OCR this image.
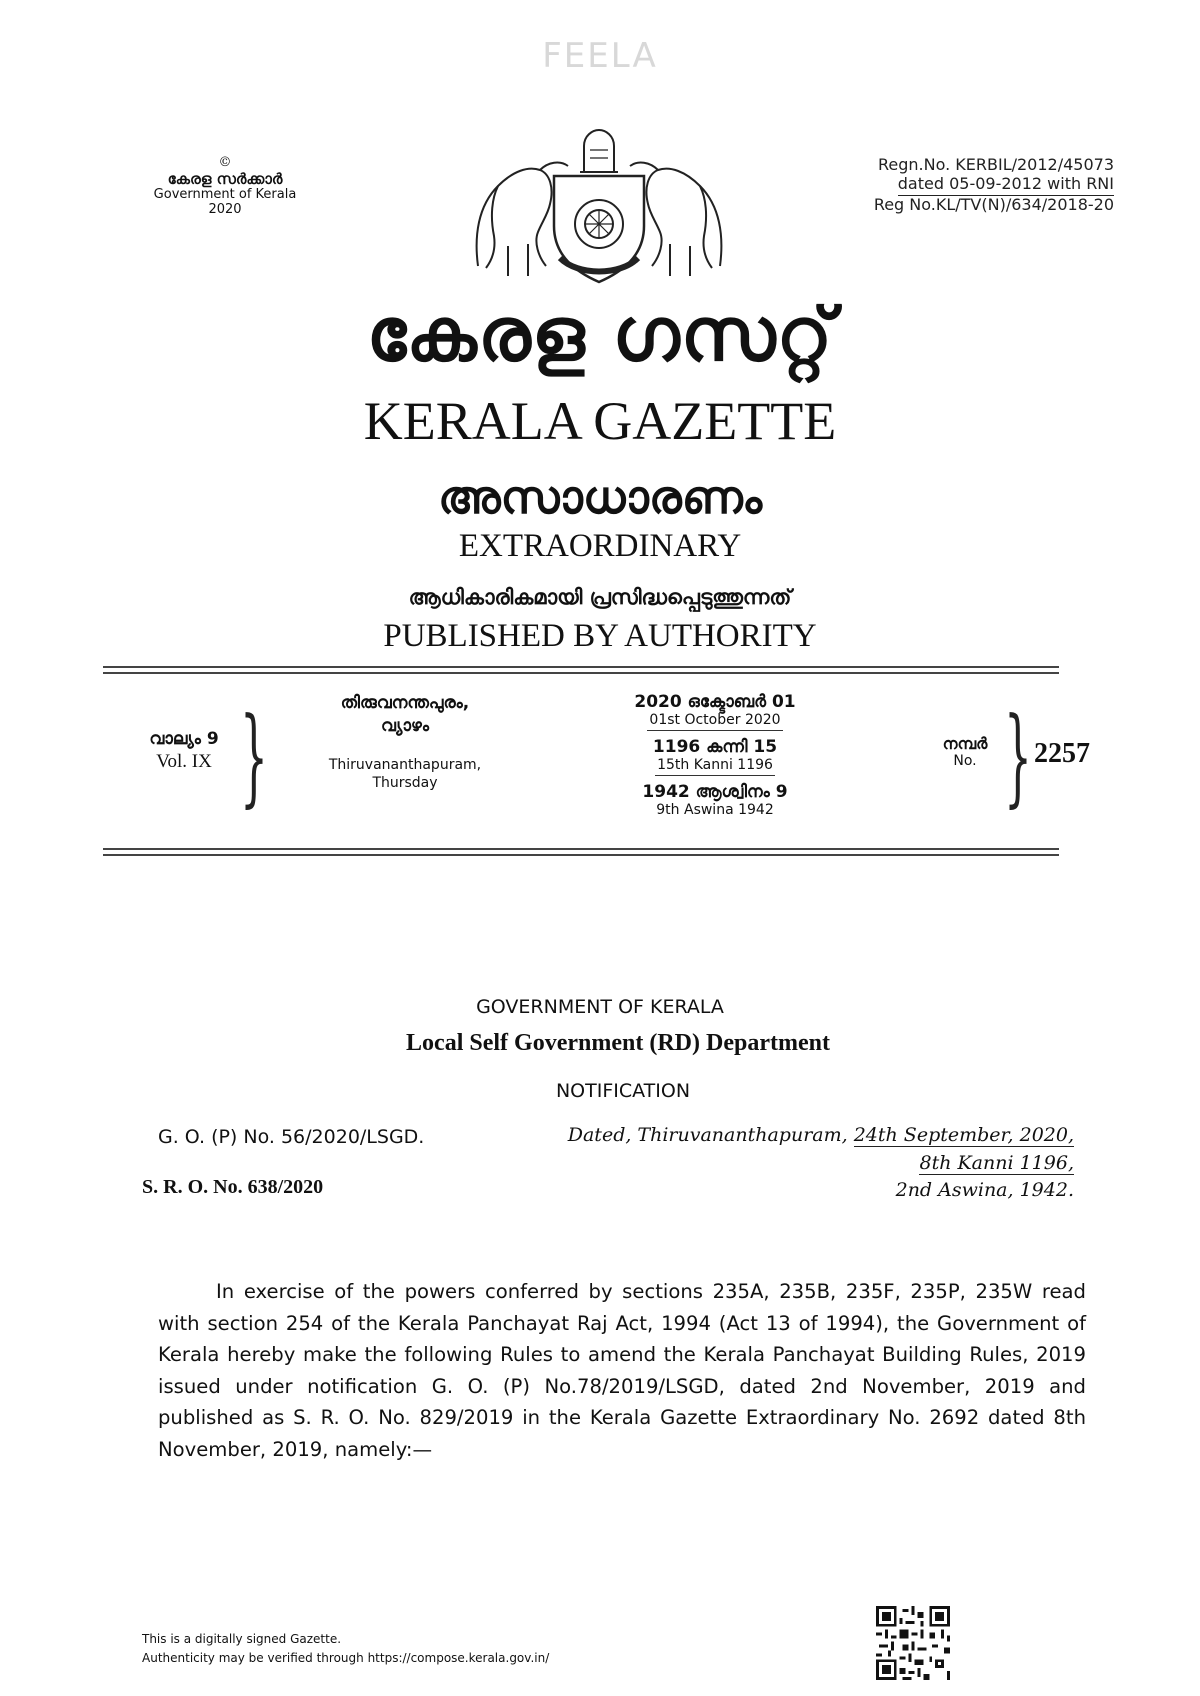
FEELA
©
കേരള സർക്കാർ
Government of Kerala
2020
Regn.No. KERBIL/2012/45073
dated 05-09-2012 with RNI
Reg No.KL/TV(N)/634/2018-20
കേരള ഗസറ്റ്
KERALA GAZETTE
അസാധാരണം
EXTRAORDINARY
ആധികാരികമായി പ്രസിദ്ധപ്പെടുത്തുന്നത്
PUBLISHED BY AUTHORITY
വാല്യം 9
Vol. IX }	തിരുവനന്തപുരം,
വ്യാഴം
Thiruvananthapuram,
Thursday
2020 ഒക്ടോബർ 01
01st October 2020
1196 കന്നി 15
15th Kanni 1196
1942 ആശ്വിനം 9
9th Aswina 1942
നമ്പർ
No. } 2257
GOVERNMENT OF KERALA
Local Self Government (RD) Department
NOTIFICATION
G. O. (P) No. 56/2020/LSGD.
S. R. O. No. 638/2020
Dated, Thiruvananthapuram, 24th September, 2020,
8th Kanni 1196,
2nd Aswina, 1942.
In exercise of the powers conferred by sections 235A, 235B, 235F, 235P, 235W read with section 254 of the Kerala Panchayat Raj Act, 1994 (Act 13 of 1994), the Government of Kerala hereby make the following Rules to amend the Kerala Panchayat Building Rules, 2019 issued under notification G. O. (P) No.78/2019/LSGD, dated 2nd November, 2019 and published as S. R. O. No. 829/2019 in the Kerala Gazette Extraordinary No. 2692 dated 8th November, 2019, namely:—
This is a digitally signed Gazette.
Authenticity may be verified through https://compose.kerala.gov.in/
